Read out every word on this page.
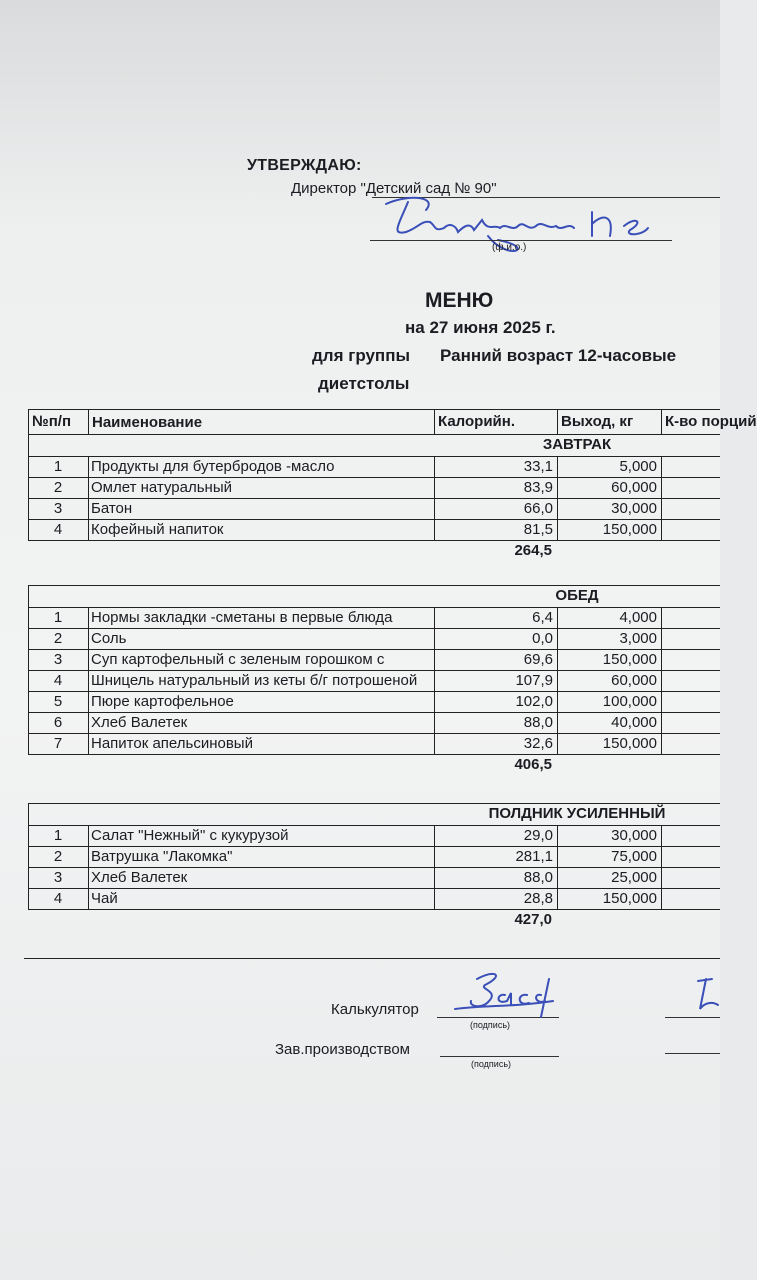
УТВЕРЖДАЮ:
Директор "Детский сад № 90"
(ф.и.о.)
МЕНЮ
на 27 июня 2025 г.
для группы Ранний возраст 12-часовые
диетстолы
№п/п	Наименование	Калорийн.	Выход, кг	К-во порций
ЗАВТРАК
1	Продукты для бутербродов -масло	33,1	5,000
2	Омлет натуральный	83,9	60,000
3	Батон	66,0	30,000
4	Кофейный напиток	81,5	150,000
264,5
ОБЕД
1	Нормы закладки -сметаны в первые блюда	6,4	4,000
2	Соль	0,0	3,000
3	Суп картофельный с зеленым горошком с	69,6	150,000
4	Шницель натуральный из кеты б/г потрошеной	107,9	60,000
5	Пюре картофельное	102,0	100,000
6	Хлеб Валетек	88,0	40,000
7	Напиток апельсиновый	32,6	150,000
406,5
ПОЛДНИК УСИЛЕННЫЙ
1	Салат "Нежный" с кукурузой	29,0	30,000
2	Ватрушка "Лакомка"	281,1	75,000
3	Хлеб Валетек	88,0	25,000
4	Чай	28,8	150,000
427,0
Калькулятор
(подпись)
Зав.производством
(подпись)
